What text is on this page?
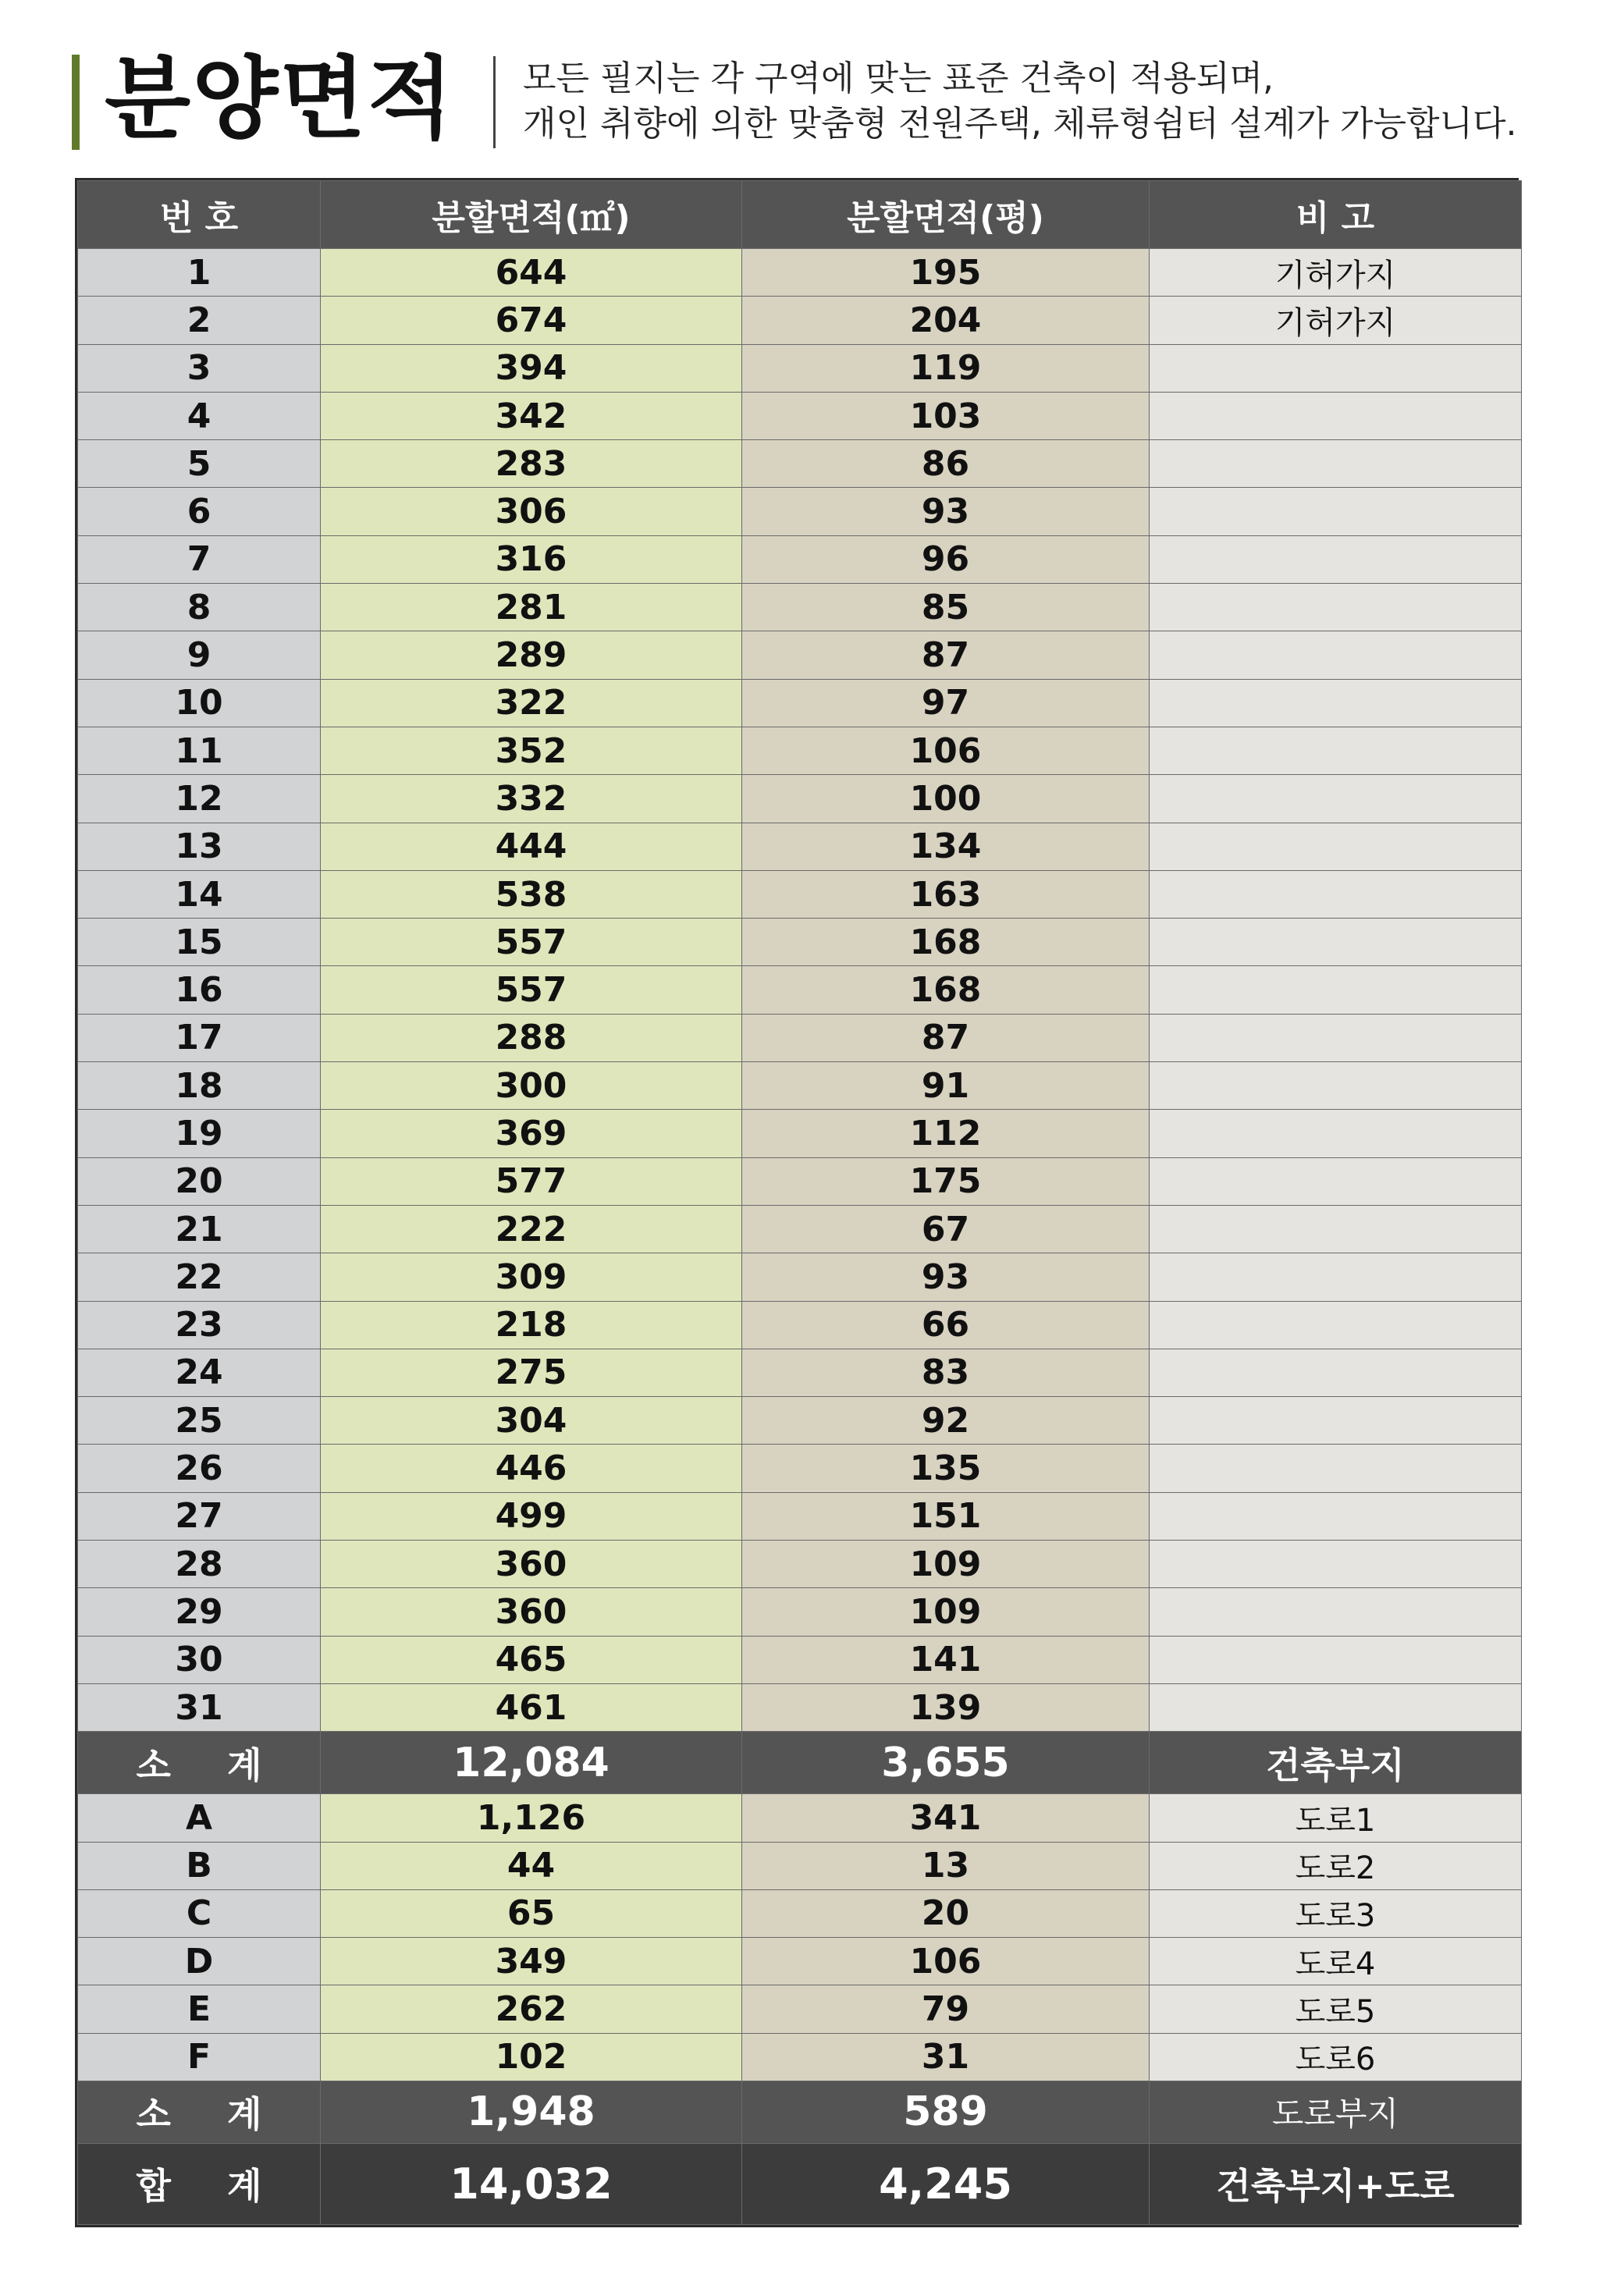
분양면적 모든 필지는 각 구역에 맞는 표준 건축이 적용되며,
개인 취향에 의한 맞춤형 전원주택, 체류형쉼터 설계가 가능합니다.
번 호	분할면적(㎡)	분할면적(평)	비 고
1	644	195	기허가지
2	674	204	기허가지
3	394	119	
4	342	103	
5	283	86	
6	306	93	
7	316	96	
8	281	85	
9	289	87	
10	322	97	
11	352	106	
12	332	100	
13	444	134	
14	538	163	
15	557	168	
16	557	168	
17	288	87	
18	300	91	
19	369	112	
20	577	175	
21	222	67	
22	309	93	
23	218	66	
24	275	83	
25	304	92	
26	446	135	
27	499	151	
28	360	109	
29	360	109	
30	465	141	
31	461	139	
소 계	12,084	3,655	건축부지
A	1,126	341	도로1
B	44	13	도로2
C	65	20	도로3
D	349	106	도로4
E	262	79	도로5
F	102	31	도로6
소 계	1,948	589	도로부지
합 계	14,032	4,245	건축부지+도로
